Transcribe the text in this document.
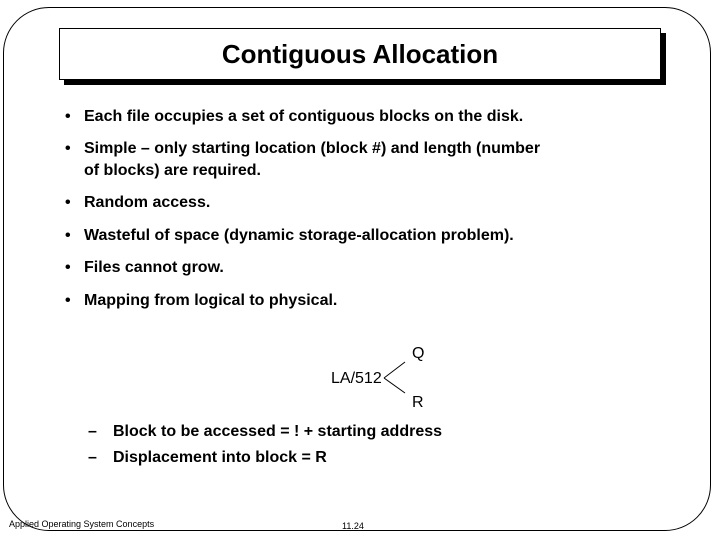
Contiguous Allocation
• Each file occupies a set of contiguous blocks on the disk.
• Simple – only starting location (block #) and length (number
of blocks) are required.
• Random access.
• Wasteful of space (dynamic storage-allocation problem).
• Files cannot grow.
• Mapping from logical to physical.
Q
LA/512
R
– Block to be accessed = ! + starting address
– Displacement into block = R
Applied Operating System Concepts	11.24
